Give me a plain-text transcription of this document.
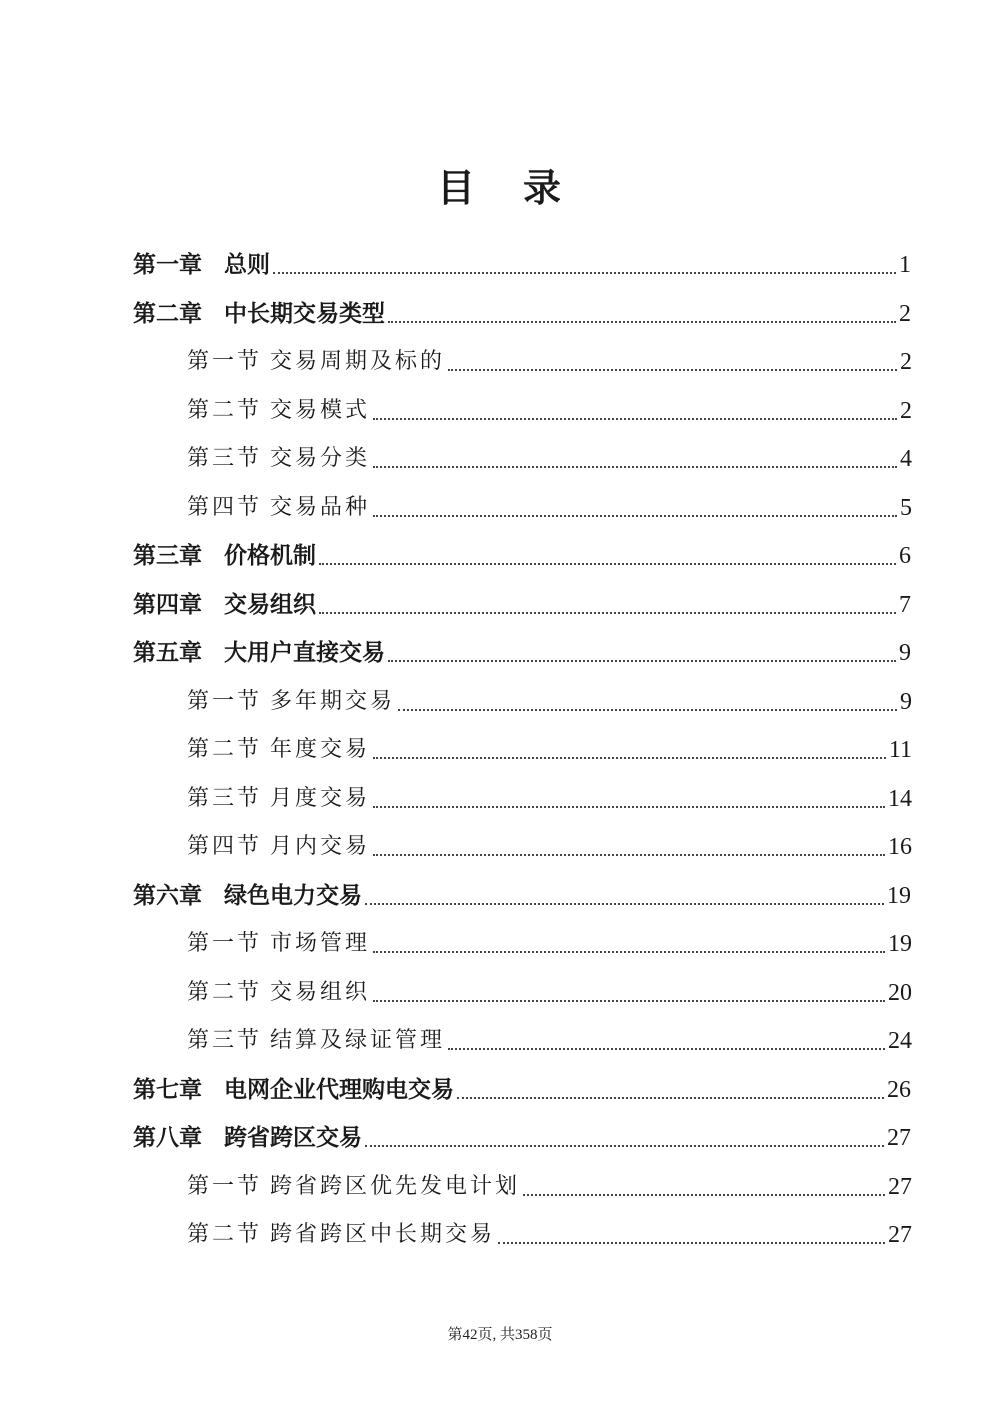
目 录
第一章 总则	1
第二章 中长期交易类型	2
第一节 交易周期及标的	2
第二节 交易模式	2
第三节 交易分类	4
第四节 交易品种	5
第三章 价格机制	6
第四章 交易组织	7
第五章 大用户直接交易	9
第一节 多年期交易	9
第二节 年度交易	11
第三节 月度交易	14
第四节 月内交易	16
第六章 绿色电力交易	19
第一节 市场管理	19
第二节 交易组织	20
第三节 结算及绿证管理	24
第七章 电网企业代理购电交易	26
第八章 跨省跨区交易	27
第一节 跨省跨区优先发电计划	27
第二节 跨省跨区中长期交易	27
第42页, 共358页
